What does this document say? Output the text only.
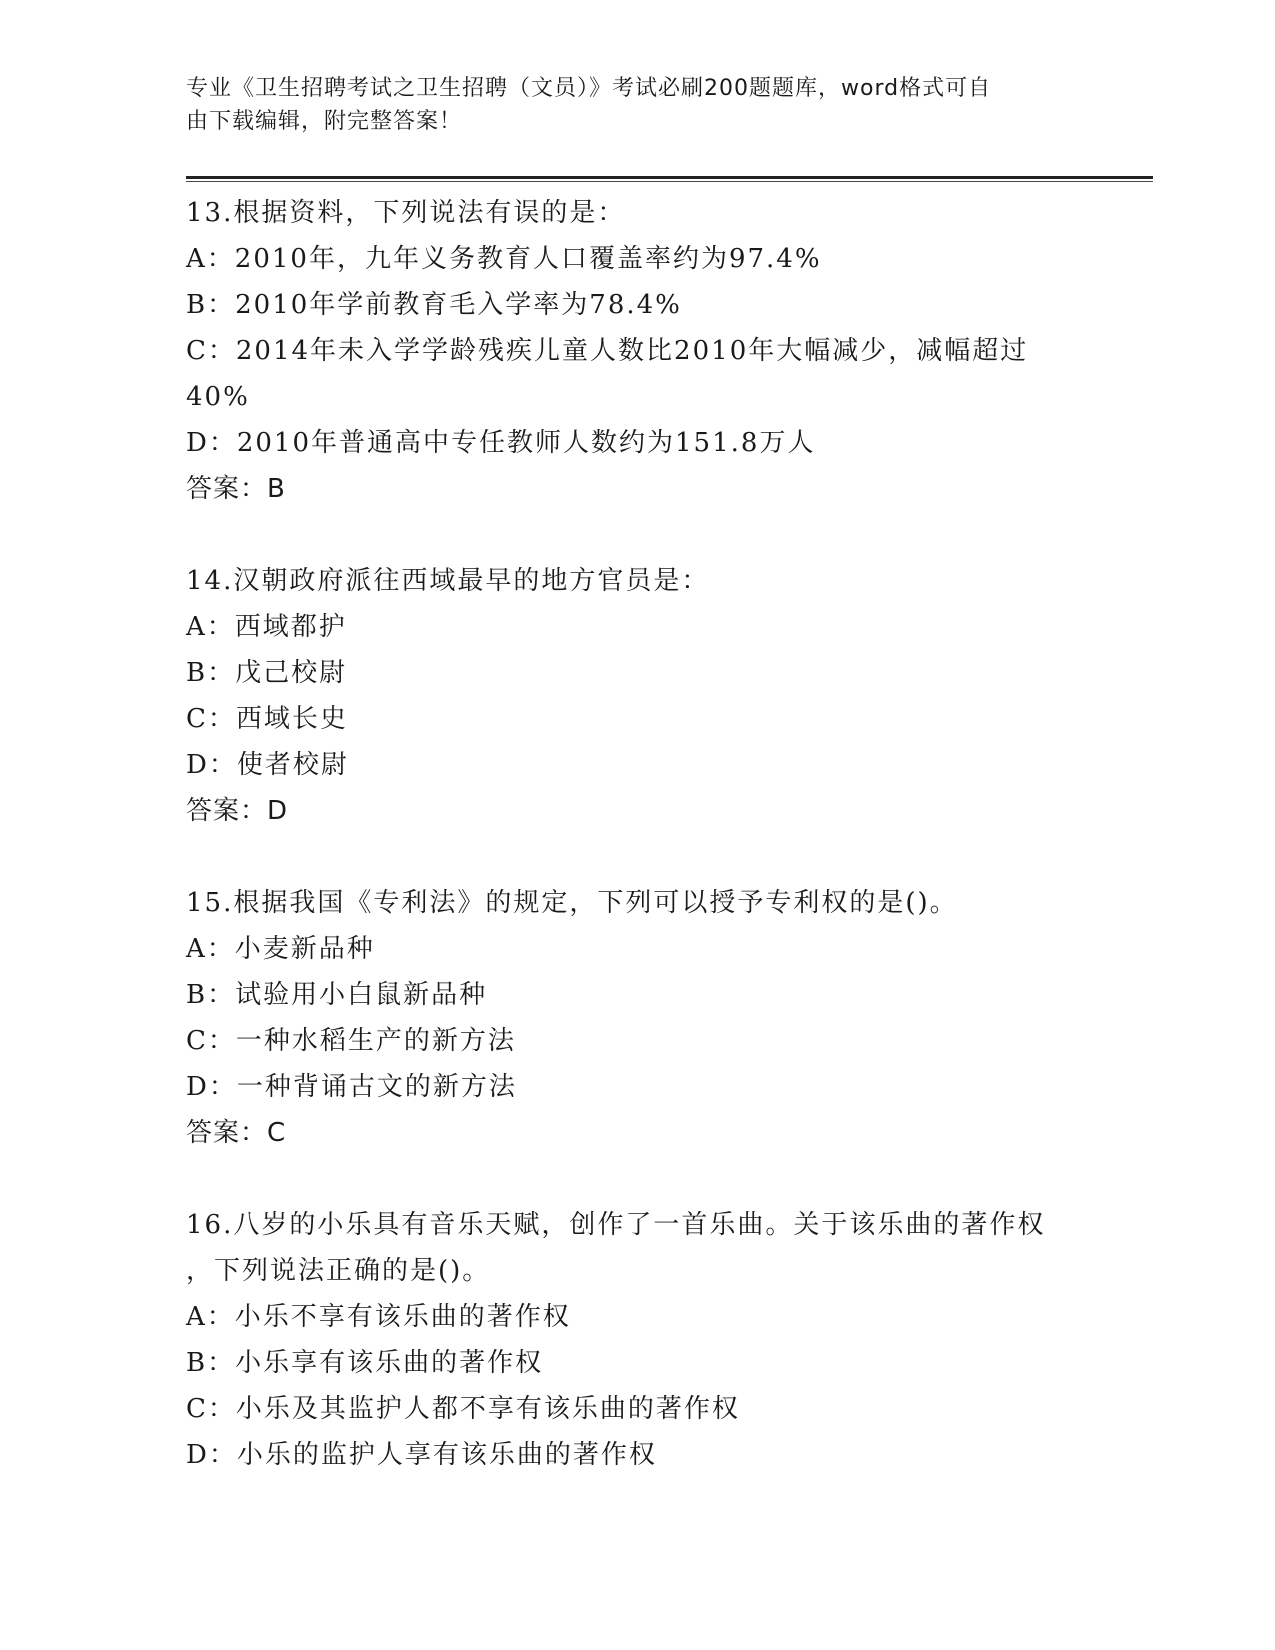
专业《卫生招聘考试之卫生招聘（文员）》考试必刷200题题库，word格式可自
由下载编辑，附完整答案！
13.根据资料，下列说法有误的是：
A：2010年，九年义务教育人口覆盖率约为97.4%
B：2010年学前教育毛入学率为78.4%
C：2014年未入学学龄残疾儿童人数比2010年大幅减少，减幅超过
40%
D：2010年普通高中专任教师人数约为151.8万人
答案：B
14.汉朝政府派往西域最早的地方官员是：
A：西域都护
B：戊己校尉
C：西域长史
D：使者校尉
答案：D
15.根据我国《专利法》的规定，下列可以授予专利权的是()。
A：小麦新品种
B：试验用小白鼠新品种
C：一种水稻生产的新方法
D：一种背诵古文的新方法
答案：C
16.八岁的小乐具有音乐天赋，创作了一首乐曲。关于该乐曲的著作权
，下列说法正确的是()。
A：小乐不享有该乐曲的著作权
B：小乐享有该乐曲的著作权
C：小乐及其监护人都不享有该乐曲的著作权
D：小乐的监护人享有该乐曲的著作权
